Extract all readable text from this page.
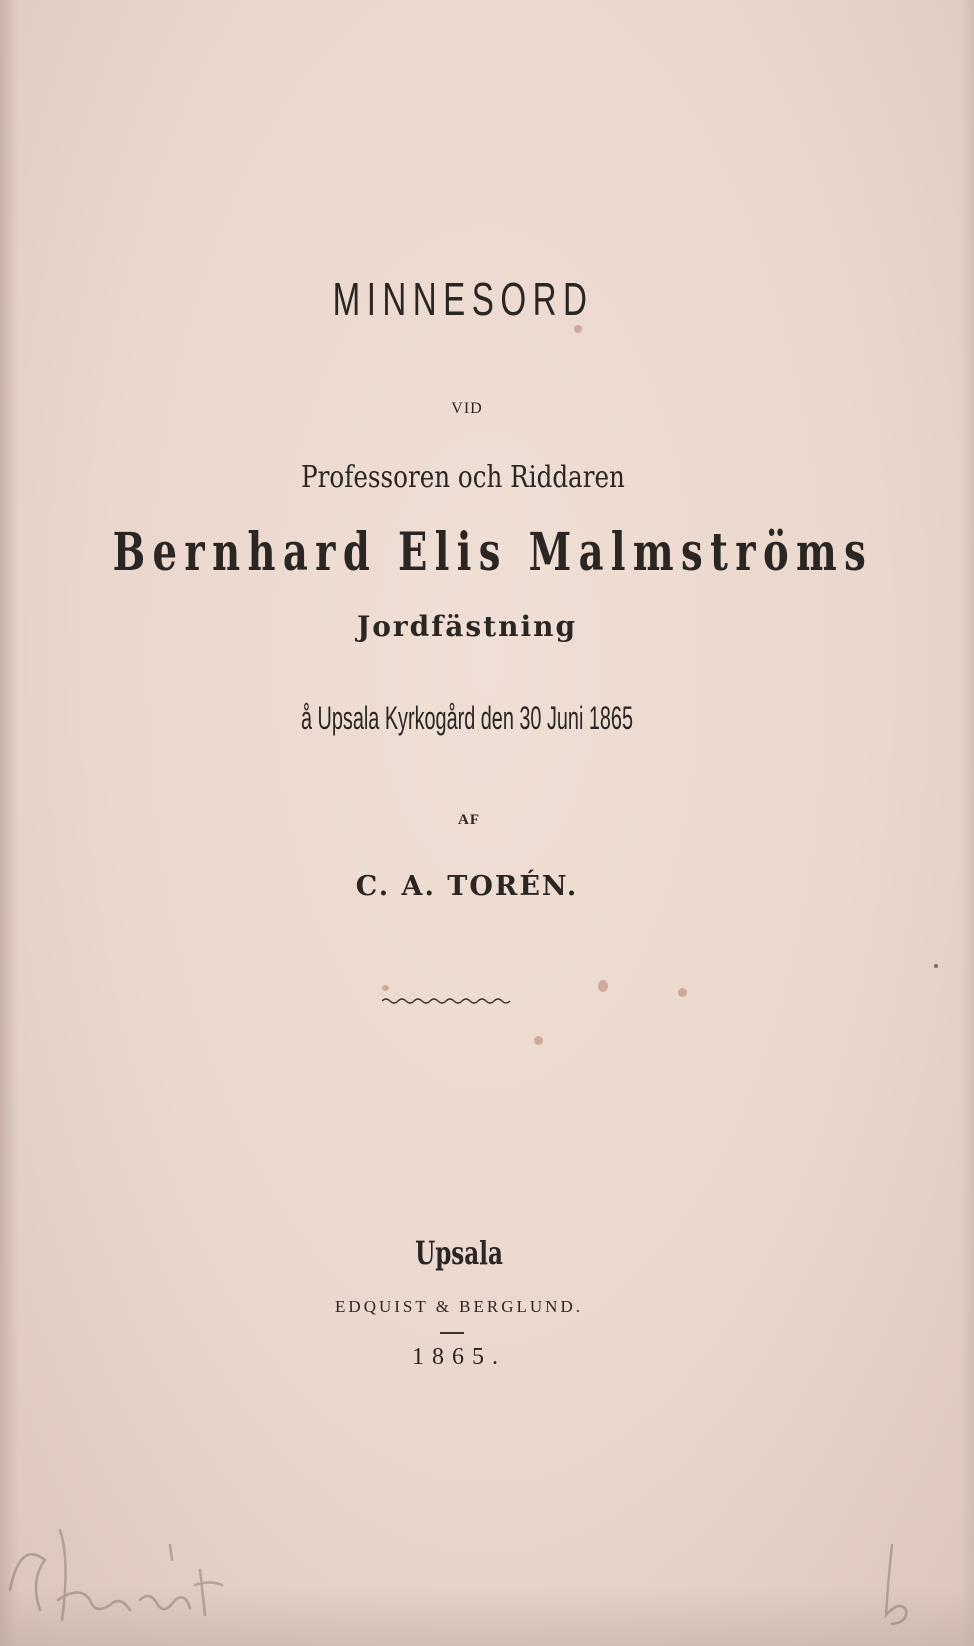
MINNESORD
VID
Professoren och Riddaren
Bernhard Elis Malmströms
Jordfästning
å Upsala Kyrkogård den 30 Juni 1865
AF
C. A. TORÉN.
Upsala
EDQUIST & BERGLUND.
1865.
